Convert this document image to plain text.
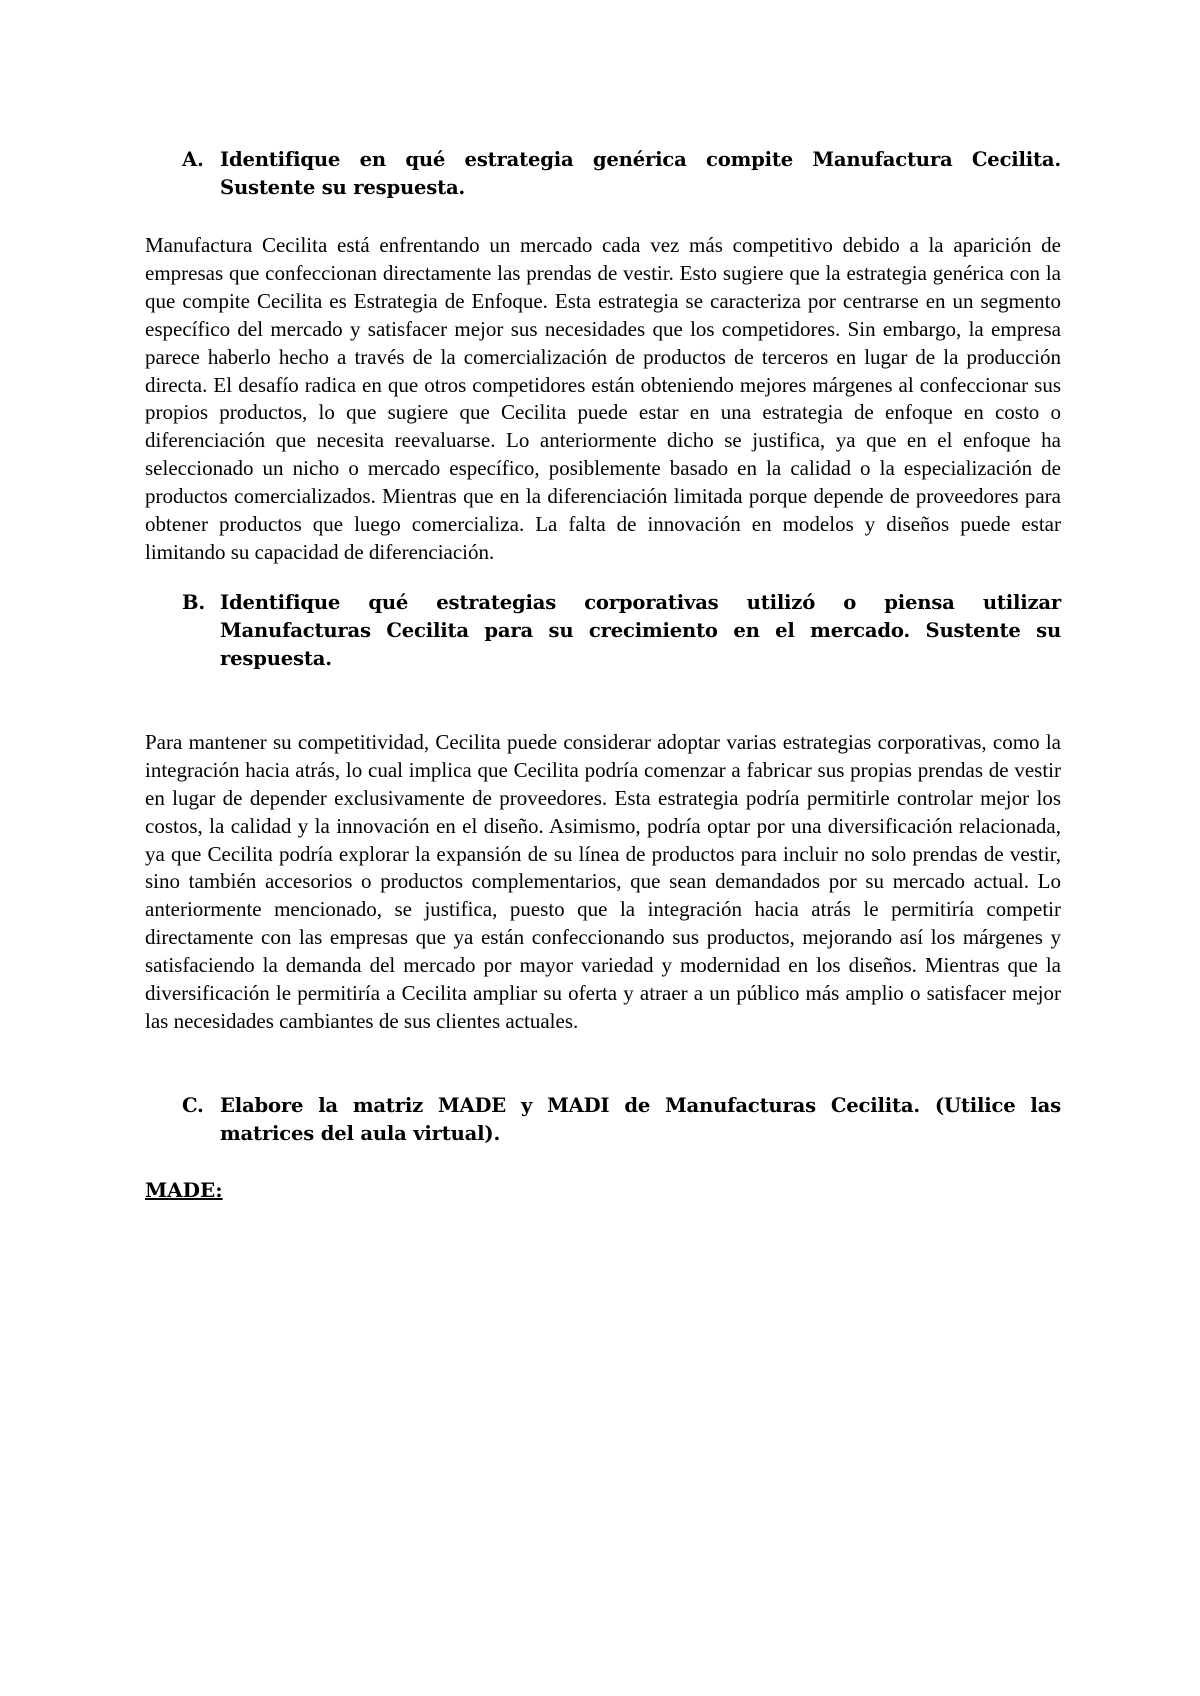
A. Identifique en qué estrategia genérica compite Manufactura Cecilita. Sustente su respuesta.

Manufactura Cecilita está enfrentando un mercado cada vez más competitivo debido a la aparición de empresas que confeccionan directamente las prendas de vestir. Esto sugiere que la estrategia genérica con la que compite Cecilita es Estrategia de Enfoque. Esta estrategia se caracteriza por centrarse en un segmento específico del mercado y satisfacer mejor sus necesidades que los competidores. Sin embargo, la empresa parece haberlo hecho a través de la comercialización de productos de terceros en lugar de la producción directa. El desafío radica en que otros competidores están obteniendo mejores márgenes al confeccionar sus propios productos, lo que sugiere que Cecilita puede estar en una estrategia de enfoque en costo o diferenciación que necesita reevaluarse. Lo anteriormente dicho se justifica, ya que en el enfoque ha seleccionado un nicho o mercado específico, posiblemente basado en la calidad o la especialización de productos comercializados. Mientras que en la diferenciación limitada porque depende de proveedores para obtener productos que luego comercializa. La falta de innovación en modelos y diseños puede estar limitando su capacidad de diferenciación.

B. Identifique qué estrategias corporativas utilizó o piensa utilizar Manufacturas Cecilita para su crecimiento en el mercado. Sustente su respuesta.

Para mantener su competitividad, Cecilita puede considerar adoptar varias estrategias corporativas, como la integración hacia atrás, lo cual implica que Cecilita podría comenzar a fabricar sus propias prendas de vestir en lugar de depender exclusivamente de proveedores. Esta estrategia podría permitirle controlar mejor los costos, la calidad y la innovación en el diseño. Asimismo, podría optar por una diversificación relacionada, ya que Cecilita podría explorar la expansión de su línea de productos para incluir no solo prendas de vestir, sino también accesorios o productos complementarios, que sean demandados por su mercado actual. Lo anteriormente mencionado, se justifica, puesto que la integración hacia atrás le permitiría competir directamente con las empresas que ya están confeccionando sus productos, mejorando así los márgenes y satisfaciendo la demanda del mercado por mayor variedad y modernidad en los diseños. Mientras que la diversificación le permitiría a Cecilita ampliar su oferta y atraer a un público más amplio o satisfacer mejor las necesidades cambiantes de sus clientes actuales.

C. Elabore la matriz MADE y MADI de Manufacturas Cecilita. (Utilice las matrices del aula virtual).
MADE:
